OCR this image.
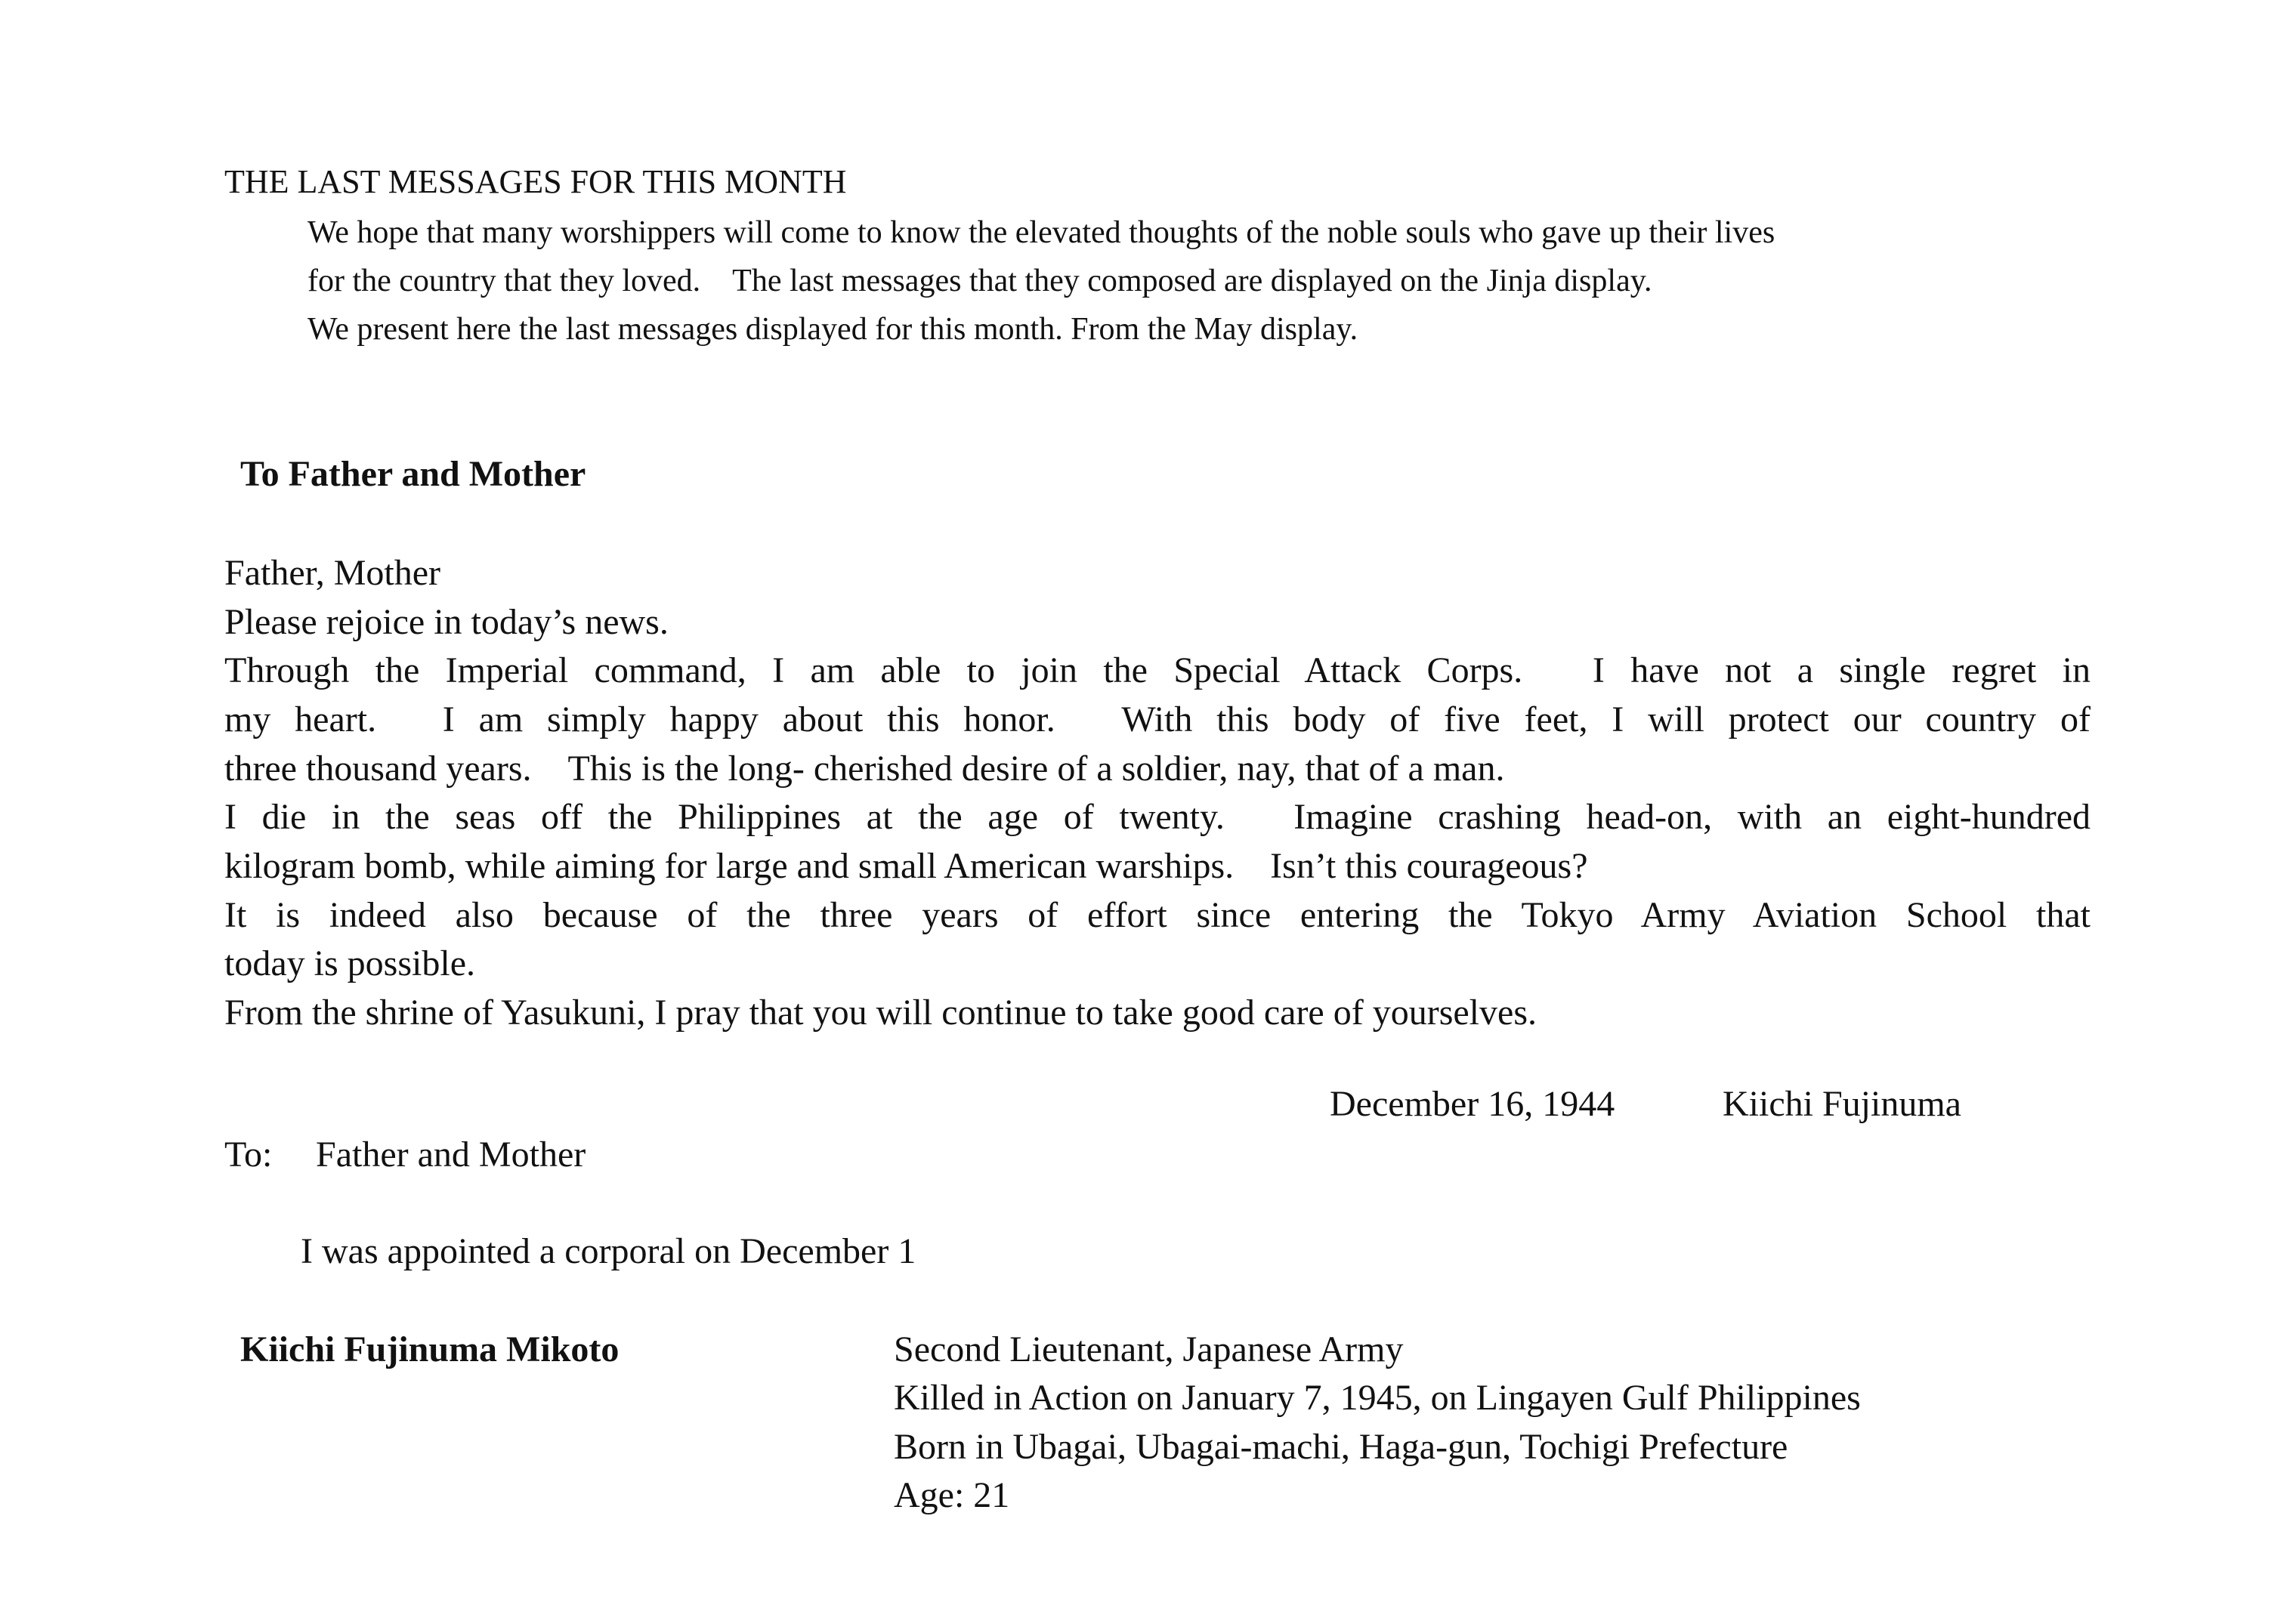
THE LAST MESSAGES FOR THIS MONTH
We hope that many worshippers will come to know the elevated thoughts of the noble souls who gave up their lives
for the country that they loved.　The last messages that they composed are displayed on the Jinja display.
We present here the last messages displayed for this month. From the May display.
To Father and Mother
Father, Mother
Please rejoice in today’s news.
Through the Imperial command, I am able to join the Special Attack Corps.　I have not a single regret in
my heart.　I am simply happy about this honor.　With this body of five feet, I will protect our country of
three thousand years.　This is the long- cherished desire of a soldier, nay, that of a man.
I die in the seas off the Philippines at the age of twenty.　Imagine crashing head-on, with an eight-hundred
kilogram bomb, while aiming for large and small American warships.　Isn’t this courageous?
It is indeed also because of the three years of effort since entering the Tokyo Army Aviation School that
today is possible.
From the shrine of Yasukuni, I pray that you will continue to take good care of yourselves.
December 16, 1944	Kiichi Fujinuma
To: Father and Mother
I was appointed a corporal on December 1
Kiichi Fujinuma Mikoto	Second Lieutenant, Japanese Army
Killed in Action on January 7, 1945, on Lingayen Gulf Philippines
Born in Ubagai, Ubagai-machi, Haga-gun, Tochigi Prefecture
Age: 21
